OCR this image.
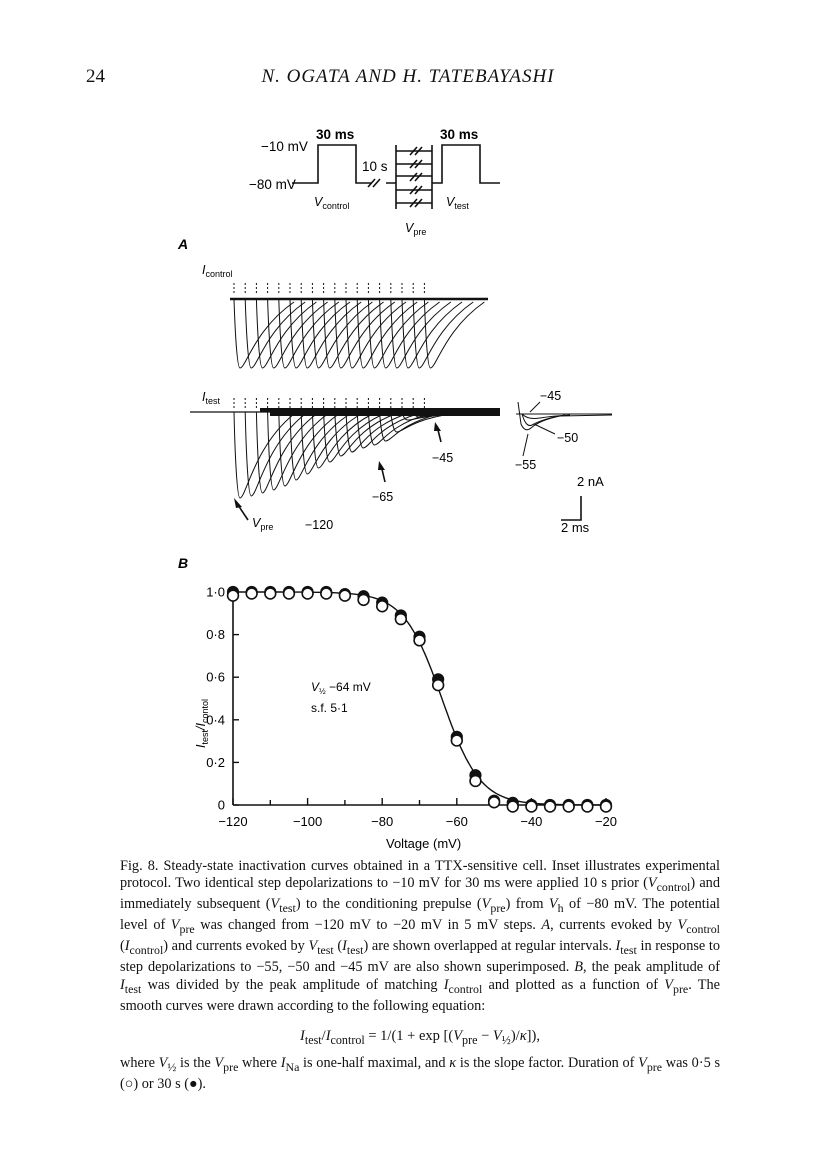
24	N. OGATA AND H. TATEBAYASHI
30 ms	30 ms
−10 mV
−80 mV
10 s
$V_{control}$	$V_{test}$
$V_{pre}$
A
$I_{control}$
$I_{test}$
$V_{pre}$	−120
−65
−45
−45
−50
−55
2 nA
2 ms
B
0
0·2
0·4
0·6
0·8
1·0
−120	−100	−80	−60	−40	−20
Voltage (mV)
$I_{test}/I_{contol}$
$V_{\frac{1}{2}} -64$ mV
s.f. 5·1
Fig. 8. Steady-state inactivation curves obtained in a TTX-sensitive cell. Inset illustrates experimental protocol. Two identical step depolarizations to −10 mV for 30 ms were applied 10 s prior $(V_{control})$ and immediately subsequent $(V_{test})$ to the conditioning prepulse $(V_{pre})$ from $V_h$ of −80 mV. The potential level of $V_{pre}$ was changed from −120 mV to −20 mV in 5 mV steps. A, currents evoked by $V_{control}$ $(I_{control})$ and currents evoked by $V_{test}$ $(I_{test})$ are shown overlapped at regular intervals. $I_{test}$ in response to step depolarizations to −55, −50 and −45 mV are also shown superimposed. B, the peak amplitude of $I_{test}$ was divided by the peak amplitude of matching $I_{control}$ and plotted as a function of $V_{pre}$. The smooth curves were drawn according to the following equation:
$I_{test}/I_{control} = 1/(1 + \exp [(V_{pre} - V_{\frac{1}{2}})/\kappa])$,
where $V_{\frac{1}{2}}$ is the $V_{pre}$ where $I_{Na}$ is one-half maximal, and κ is the slope factor. Duration of $V_{pre}$ was 0·5 s (○) or 30 s (●).
